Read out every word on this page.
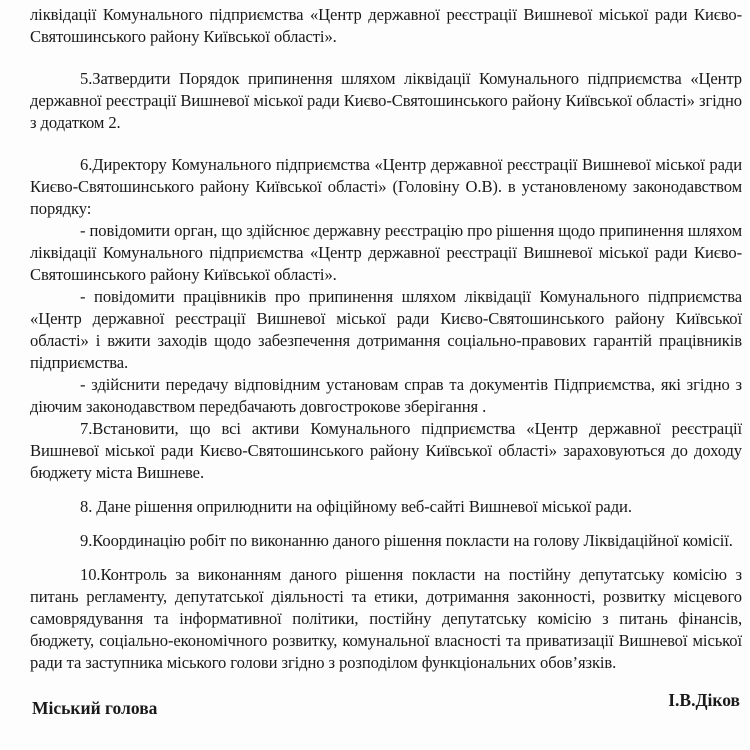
ліквідації Комунального підприємства «Центр державної реєстрації Вишневої міської ради Києво-Святошинського району Київської області».

5.Затвердити Порядок припинення шляхом ліквідації Комунального підприємства «Центр державної реєстрації Вишневої міської ради Києво-Святошинського району Київської області» згідно з додатком 2.

6.Директору Комунального підприємства «Центр державної реєстрації Вишневої міської ради Києво-Святошинського району Київської області» (Головіну О.В). в установленому законодавством порядку:

- повідомити орган, що здійснює державну реєстрацію про рішення щодо припинення шляхом ліквідації Комунального підприємства «Центр державної реєстрації Вишневої міської ради Києво-Святошинського району Київської області».

- повідомити працівників про припинення шляхом ліквідації Комунального підприємства «Центр державної реєстрації Вишневої міської ради Києво-Святошинського району Київської області» і вжити заходів щодо забезпечення дотримання соціально-правових гарантій працівників підприємства.

- здійснити передачу відповідним установам справ та документів Підприємства, які згідно з діючим законодавством передбачають довгострокове зберігання .

7.Встановити, що всі активи Комунального підприємства «Центр державної реєстрації Вишневої міської ради Києво-Святошинського району Київської області» зараховуються до доходу бюджету міста Вишневе.

8. Дане рішення оприлюднити на офіційному веб-сайті Вишневої міської ради.

9.Координацію робіт по виконанню даного рішення покласти на голову Ліквідаційної комісії.

10.Контроль за виконанням даного рішення покласти на постійну депутатську комісію з питань регламенту, депутатської діяльності та етики, дотримання законності, розвитку місцевого самоврядування та інформативної політики, постійну депутатську комісію з питань фінансів, бюджету, соціально-економічного розвитку, комунальної власності та приватизації Вишневої міської ради та заступника міського голови згідно з розподілом функціональних обов’язків.

Міський голова	І.В.Діков
